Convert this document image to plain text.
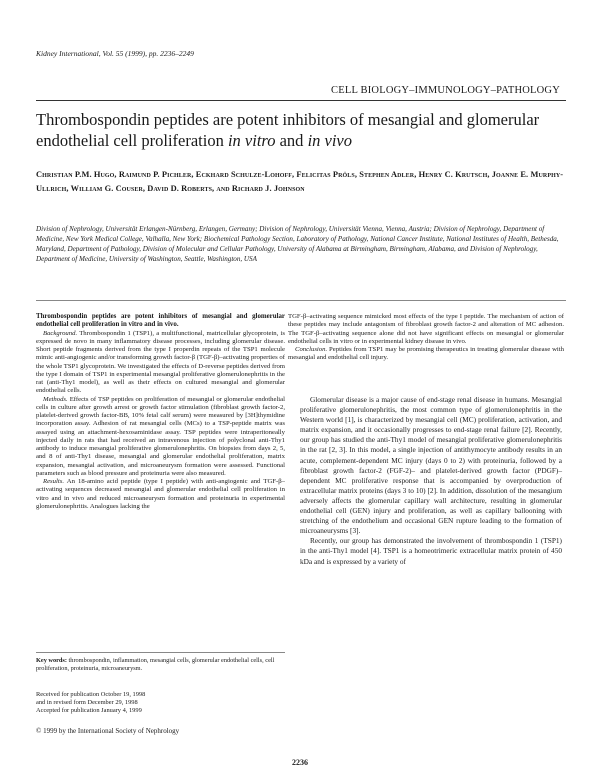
Kidney International, Vol. 55 (1999), pp. 2236–2249
CELL BIOLOGY–IMMUNOLOGY–PATHOLOGY
Thrombospondin peptides are potent inhibitors of mesangial and glomerular endothelial cell proliferation in vitro and in vivo
Christian P.M. Hugo, Raimund P. Pichler, Eckhard Schulze-Lohoff, Felicitas Pröls, Stephen Adler, Henry C. Krutsch, Joanne E. Murphy-Ullrich, William G. Couser, David D. Roberts, and Richard J. Johnson
Division of Nephrology, Universität Erlangen-Nürnberg, Erlangen, Germany; Division of Nephrology, Universität Vienna, Vienna, Austria; Division of Nephrology, Department of Medicine, New York Medical College, Valhalla, New York; Biochemical Pathology Section, Laboratory of Pathology, National Cancer Institute, National Institutes of Health, Bethesda, Maryland, Department of Pathology, Division of Molecular and Cellular Pathology, University of Alabama at Birmingham, Birmingham, Alabama, and Division of Nephrology, Department of Medicine, University of Washington, Seattle, Washington, USA

Thrombospondin peptides are potent inhibitors of mesangial and glomerular endothelial cell proliferation in vitro and in vivo.

Background. Thrombospondin 1 (TSP1), a multifunctional, matricellular glycoprotein, is expressed de novo in many inflammatory disease processes, including glomerular disease. Short peptide fragments derived from the type I properdin repeats of the TSP1 molecule mimic anti-angiogenic and/or transforming growth factor-β (TGF-β)–activating properties of the whole TSP1 glycoprotein. We investigated the effects of D-reverse peptides derived from the type I domain of TSP1 in experimental mesangial proliferative glomerulonephritis in the rat (anti-Thy1 model), as well as their effects on cultured mesangial and glomerular endothelial cells.

Methods. Effects of TSP peptides on proliferation of mesangial or glomerular endothelial cells in culture after growth arrest or growth factor stimulation (fibroblast growth factor-2, platelet-derived growth factor-BB, 10% fetal calf serum) were measured by [3H]thymidine incorporation assay. Adhesion of rat mesangial cells (MCs) to a TSP-peptide matrix was assayed using an attachment-hexosaminidase assay. TSP peptides were intraperitoneally injected daily in rats that had received an intravenous injection of polyclonal anti-Thy1 antibody to induce mesangial proliferative glomerulonephritis. On biopsies from days 2, 5, and 8 of anti-Thy1 disease, mesangial and glomerular endothelial proliferation, matrix expansion, mesangial activation, and microaneurysm formation were assessed. Functional parameters such as blood pressure and proteinuria were also measured.

Results. An 18-amino acid peptide (type I peptide) with anti-angiogenic and TGF-β–activating sequences decreased mesangial and glomerular endothelial cell proliferation in vitro and in vivo and reduced microaneurysm formation and proteinuria in experimental glomerulonephritis. Analogues lacking the

TGF-β–activating sequence mimicked most effects of the type I peptide. The mechanism of action of these peptides may include antagonism of fibroblast growth factor-2 and alteration of MC adhesion. The TGF-β–activating sequence alone did not have significant effects on mesangial or glomerular endothelial cells in vitro or in experimental kidney disease in vivo.

Conclusion. Peptides from TSP1 may be promising therapeutics in treating glomerular disease with mesangial and endothelial cell injury.

Key words: thrombospondin, inflammation, mesangial cells, glomerular endothelial cells, cell proliferation, proteinuria, microaneurysm.
Received for publication October 19, 1998
and in revised form December 29, 1998
Accepted for publication January 4, 1999
© 1999 by the International Society of Nephrology

Glomerular disease is a major cause of end-stage renal disease in humans. Mesangial proliferative glomerulonephritis, the most common type of glomerulonephritis in the Western world [1], is characterized by mesangial cell (MC) proliferation, activation, and matrix expansion, and it occasionally progresses to end-stage renal failure [2]. Recently, our group has studied the anti-Thy1 model of mesangial proliferative glomerulonephritis in the rat [2, 3]. In this model, a single injection of antithymocyte antibody results in an acute, complement-dependent MC injury (days 0 to 2) with proteinuria, followed by a fibroblast growth factor-2 (FGF-2)– and platelet-derived growth factor (PDGF)–dependent MC proliferative response that is accompanied by overproduction of extracellular matrix proteins (days 3 to 10) [2]. In addition, dissolution of the mesangium adversely affects the glomerular capillary wall architecture, resulting in glomerular endothelial cell (GEN) injury and proliferation, as well as capillary ballooning with stretching of the endothelium and occasional GEN rupture leading to the formation of microaneurysms [3].

Recently, our group has demonstrated the involvement of thrombospondin 1 (TSP1) in the anti-Thy1 model [4]. TSP1 is a homeotrimeric extracellular matrix protein of 450 kDa and is expressed by a variety of

2236
